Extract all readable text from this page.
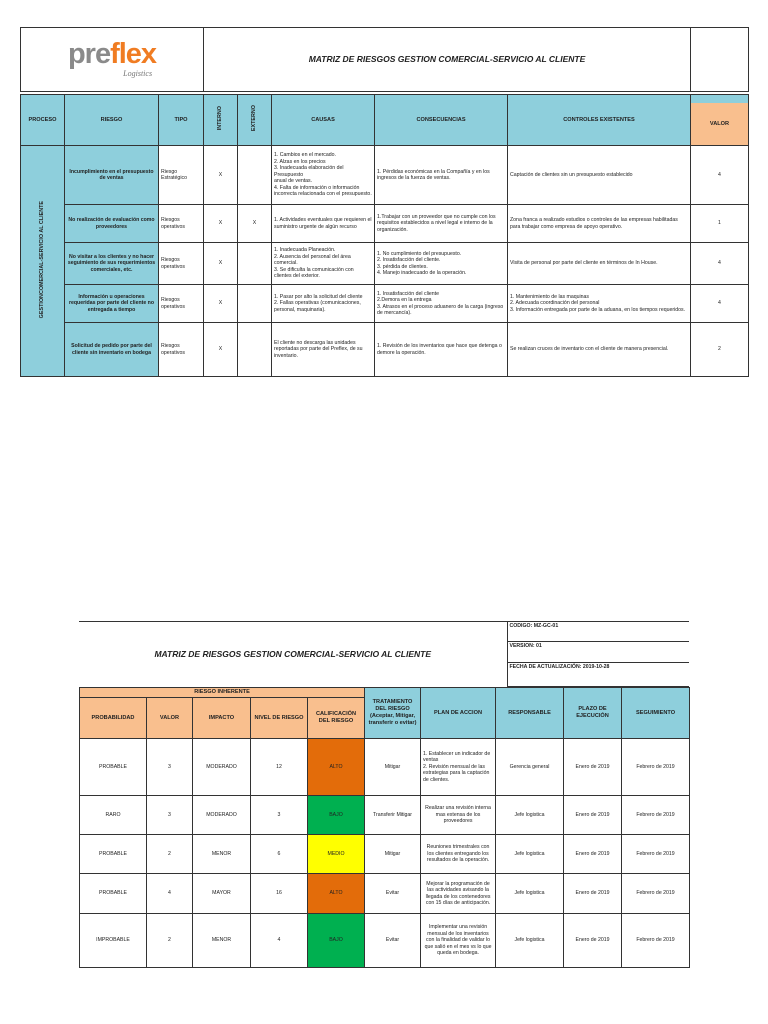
preflex
Logistics
	MATRIZ DE RIESGOS GESTION COMERCIAL-SERVICIO AL CLIENTE	
PROCESO	RIESGO	TIPO	INTERNO	EXTERNO	CAUSAS	CONSECUENCIAS	CONTROLES EXISTENTES	VALOR

GESTIONCOMERCIAL-SERVICIO AL CLIENTE	Incumplimiento en el presupuesto de ventas	Riesgo Estratégico	X		1. Cambios en el mercado.
2. Alzas en los precios
3. Inadecuada elaboración del Presupuesto
anual de ventas.
4. Falta de información o información incorrecta relacionada con el presupuesto.	1. Pérdidas económicas en la Compañía y en los ingresos de la fuerza de ventas.	Captación de clientes sin un presupuesto establecido	4
	No realización de evaluación como proveedores	Riesgos operativos	X	X	1. Actividades eventuales que requieren el suministro urgente de algún recurso	1.Trabajar con un proveedor que no cumple con los requisitos establecidos a nivel legal e interno de la organización.	Zona franca a realizado estudios o controles de las empresas habilitadas para trabajar como empresa de apoyo operativo.	1
	No visitar a los clientes y no hacer seguimiento de sus requerimientos comerciales, etc.	Riesgos operativos	X		1. Inadecuada Planeación.
2. Ausencia del personal del área comercial.
3. Se dificulta la comunicación con clientes del exterior.	1. No cumplimiento del presupuesto.
2. Insatisfacción del cliente.
3. pérdida de clientes.
4. Manejo inadecuado de la operación.	Visita de personal por parte del cliente en términos de In House.	4
	Información u operaciones requeridas por parte del cliente no entregada a tiempo	Riesgos operativos	X		1. Pasar por alto la solicitud del cliente
2. Fallas operativas (comunicaciones, personal, maquinaria).	1. Insatisfacción del cliente
2.Demora en la entrega
3. Atrasos en el proceso aduanero de la carga (ingreso de mercancía).	1. Mantenimiento de las maquinas
2. Adecuada coordinación del personal
3. Información entregada por parte de la aduana, en los tiempos requeridos.	4
	Solicitud de pedido por parte del cliente sin inventario en bodega	Riesgos operativos	X		El cliente no descarga las unidades reportadas por parte del Preflex, de su inventario.	1. Revisión de los inventarios que hace que detenga o demore la operación.	Se realizan cruces de inventario con el cliente de manera presencial.	2
MATRIZ DE RIESGOS GESTION COMERCIAL-SERVICIO AL CLIENTE	CODIGO: MZ-GC-01
VERSION: 01
FECHA DE ACTUALIZACIÓN: 2019-10-28
RIESGO INHERENTE					TRATAMIENTO DEL RIESGO (Aceptar, Mitigar, transferir o evitar)	PLAN DE ACCION	RESPONSABLE	PLAZO DE EJECUCIÓN	SEGUIMIENTO
PROBABILIDAD	VALOR	IMPACTO	NIVEL DE RIESGO	CALIFICACIÓN DEL RIESGO					
PROBABLE	3	MODERADO	12	ALTO	Mitigar	1. Establecer un indicador de ventas
2. Revisión mensual de las estrategias para la captación de clientes.	Gerencia general	Enero de 2019	Febrero de 2019
RARO	3	MODERADO	3	BAJO	Transferir Mitigar	Realizar una revisión interna mas extensa de los proveedores	Jefe logistica	Enero de 2019	Febrero de 2019
PROBABLE	2	MENOR	6	MEDIO	Mitigar	Reuniones trimestrales con los clientes entregando los resultados de la operación.	Jefe logistica	Enero de 2019	Febrero de 2019
PROBABLE	4	MAYOR	16	ALTO	Evitar	Mejorar la programación de las actividades avisando la llegada de los contenedores con 15 días de anticipación.	Jefe logistica	Enero de 2019	Febrero de 2019
IMPROBABLE	2	MENOR	4	BAJO	Evitar	Implementar una revisión mensual de los inventarios con la finalidad de validar lo que salió en el mes vs lo que queda en bodega.	Jefe logistica	Enero de 2019	Febrero de 2019
